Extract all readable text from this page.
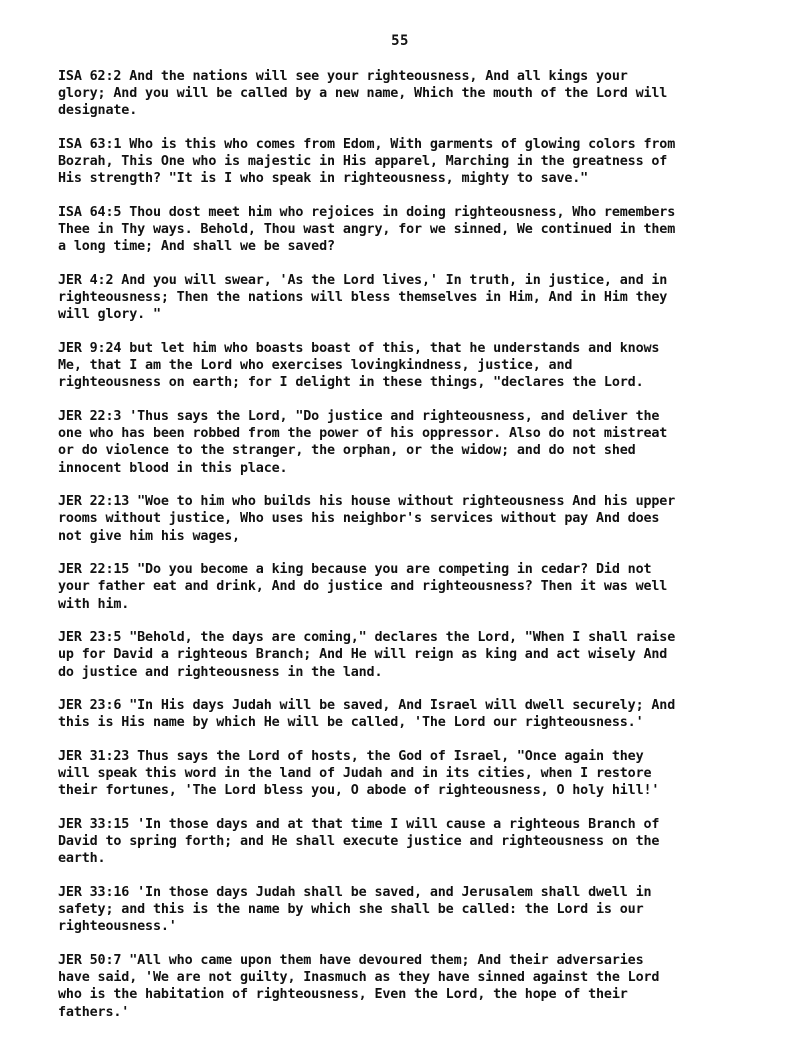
55

ISA 62:2 And the nations will see your righteousness, And all kings your
glory; And you will be called by a new name, Which the mouth of the Lord will
designate.

ISA 63:1 Who is this who comes from Edom, With garments of glowing colors from
Bozrah, This One who is majestic in His apparel, Marching in the greatness of
His strength? "It is I who speak in righteousness, mighty to save."

ISA 64:5 Thou dost meet him who rejoices in doing righteousness, Who remembers
Thee in Thy ways. Behold, Thou wast angry, for we sinned, We continued in them
a long time; And shall we be saved?

JER 4:2 And you will swear, 'As the Lord lives,' In truth, in justice, and in
righteousness; Then the nations will bless themselves in Him, And in Him they
will glory. "

JER 9:24 but let him who boasts boast of this, that he understands and knows
Me, that I am the Lord who exercises lovingkindness, justice, and
righteousness on earth; for I delight in these things, "declares the Lord.

JER 22:3 'Thus says the Lord, "Do justice and righteousness, and deliver the
one who has been robbed from the power of his oppressor. Also do not mistreat
or do violence to the stranger, the orphan, or the widow; and do not shed
innocent blood in this place.

JER 22:13 "Woe to him who builds his house without righteousness And his upper
rooms without justice, Who uses his neighbor's services without pay And does
not give him his wages,

JER 22:15 "Do you become a king because you are competing in cedar? Did not
your father eat and drink, And do justice and righteousness? Then it was well
with him.

JER 23:5 "Behold, the days are coming," declares the Lord, "When I shall raise
up for David a righteous Branch; And He will reign as king and act wisely And
do justice and righteousness in the land.

JER 23:6 "In His days Judah will be saved, And Israel will dwell securely; And
this is His name by which He will be called, 'The Lord our righteousness.'

JER 31:23 Thus says the Lord of hosts, the God of Israel, "Once again they
will speak this word in the land of Judah and in its cities, when I restore
their fortunes, 'The Lord bless you, O abode of righteousness, O holy hill!'

JER 33:15 'In those days and at that time I will cause a righteous Branch of
David to spring forth; and He shall execute justice and righteousness on the
earth.

JER 33:16 'In those days Judah shall be saved, and Jerusalem shall dwell in
safety; and this is the name by which she shall be called: the Lord is our
righteousness.'

JER 50:7 "All who came upon them have devoured them; And their adversaries
have said, 'We are not guilty, Inasmuch as they have sinned against the Lord
who is the habitation of righteousness, Even the Lord, the hope of their
fathers.'
